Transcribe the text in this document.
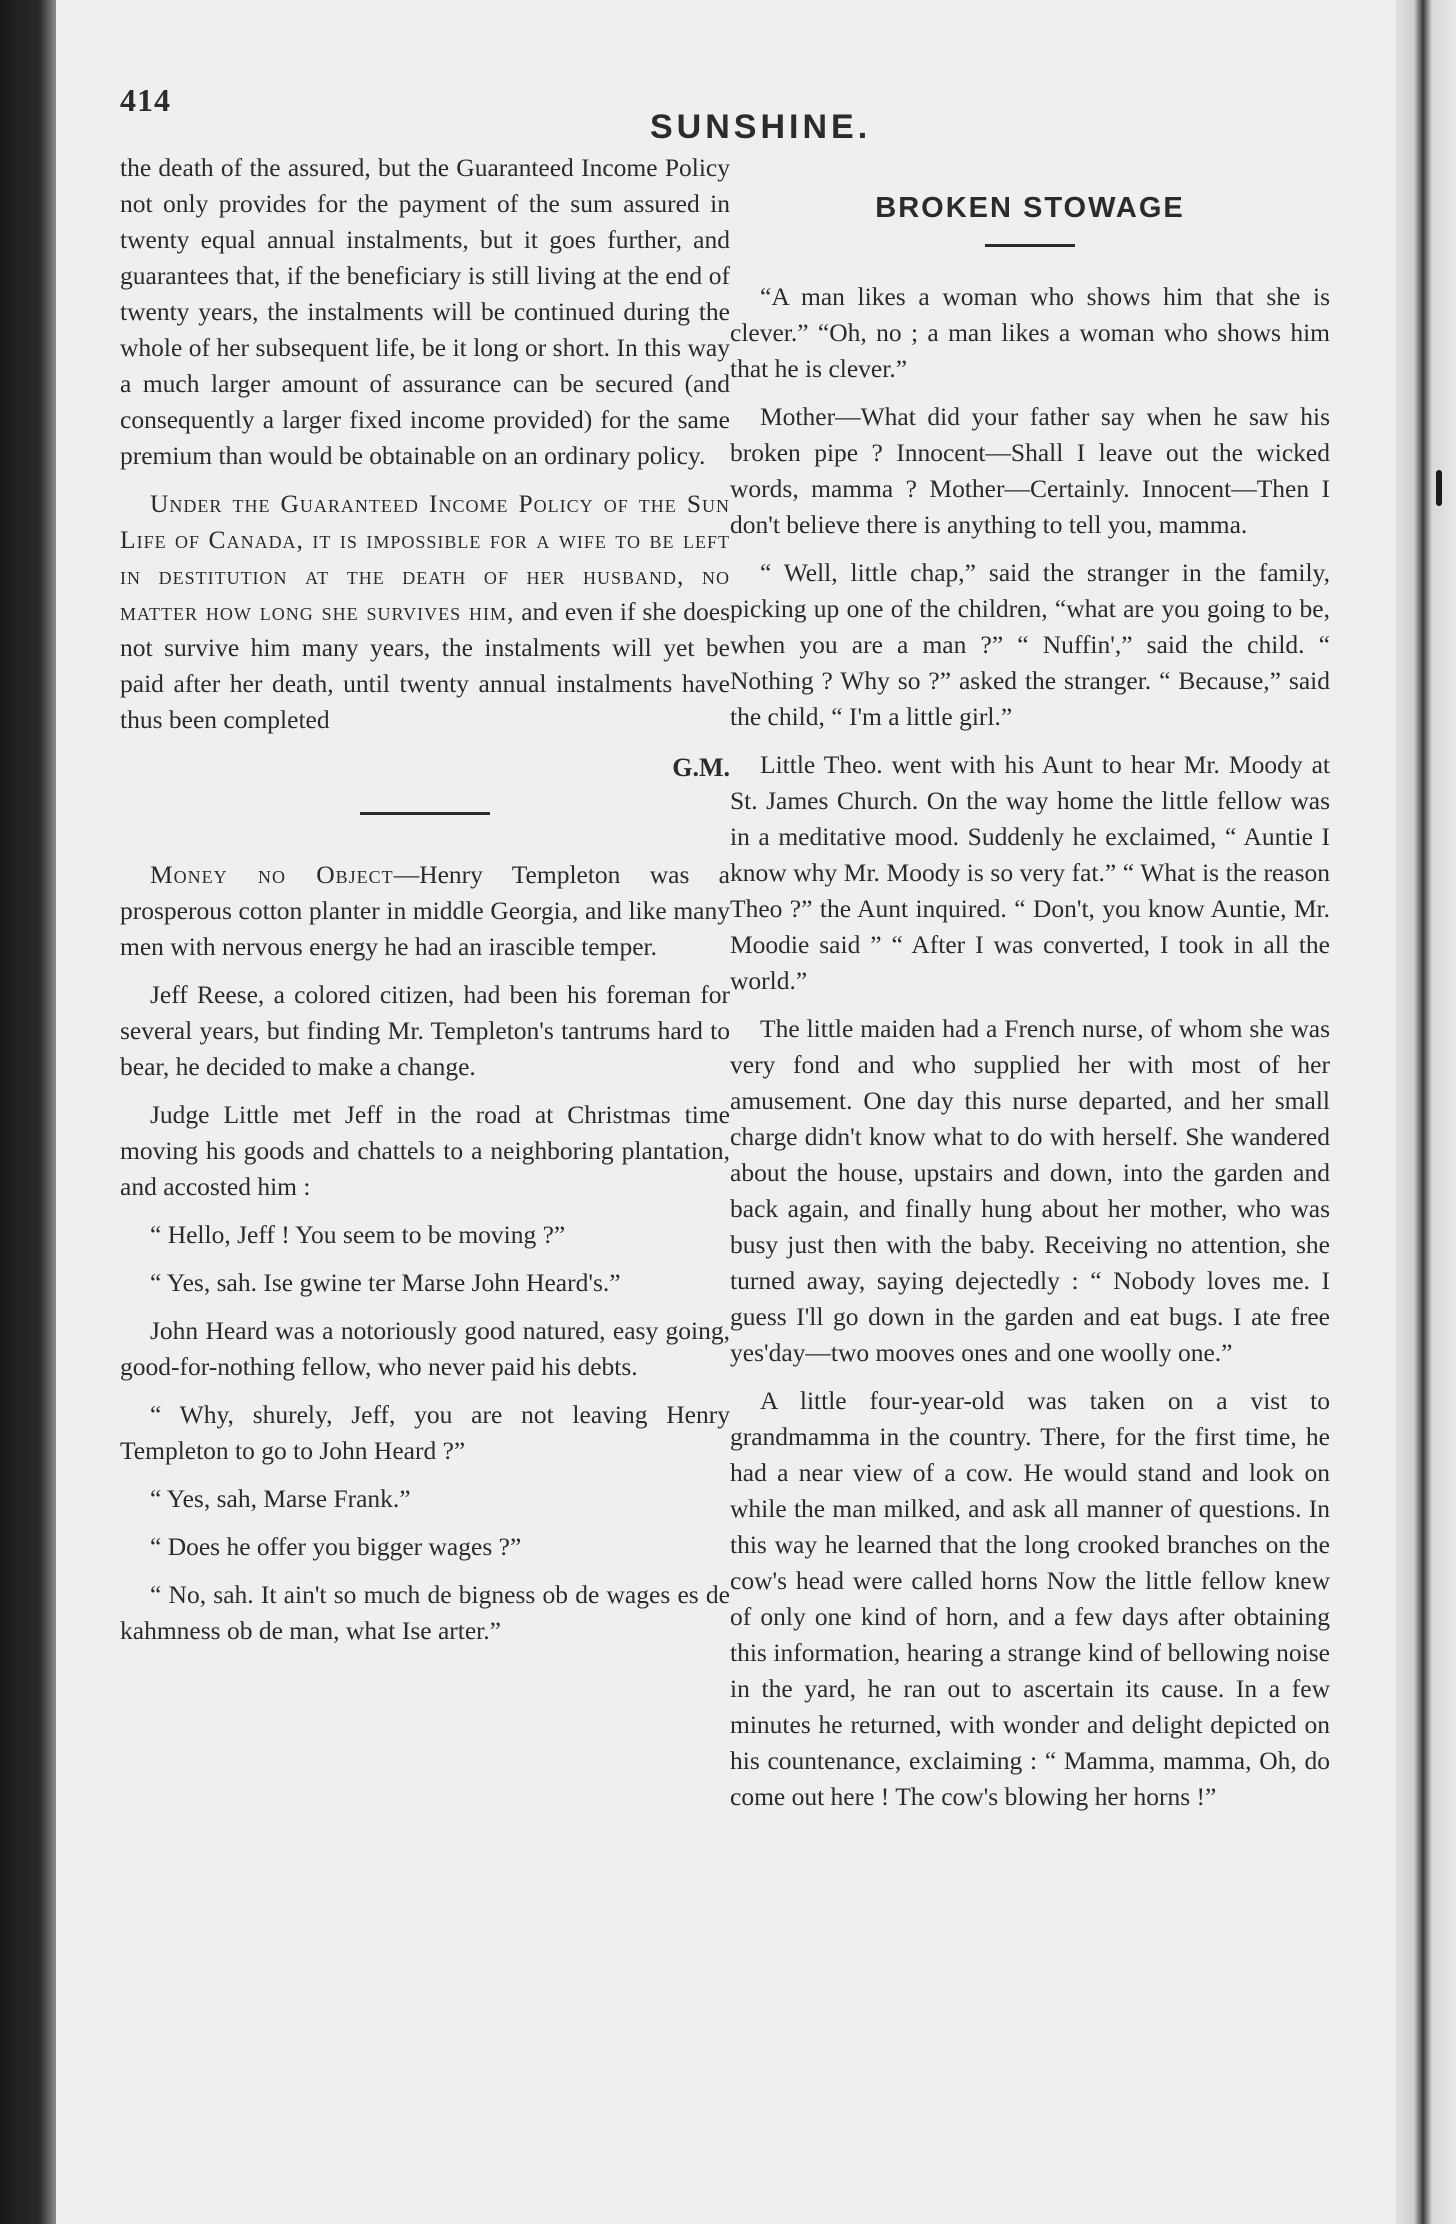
414
SUNSHINE.

the death of the assured, but the Guaranteed Income Policy not only provides for the payment of the sum assured in twenty equal annual instalments, but it goes further, and guarantees that, if the beneficiary is still living at the end of twenty years, the instalments will be continued during the whole of her subsequent life, be it long or short. In this way a much larger amount of assurance can be secured (and consequently a larger fixed income provided) for the same premium than would be obtainable on an ordinary policy.

Under the Guaranteed Income Policy of the Sun Life of Canada, it is impossible for a wife to be left in destitution at the death of her husband, no matter how long she survives him, and even if she does not survive him many years, the instalments will yet be paid after her death, until twenty annual instalments have thus been completed

G.M.

Money no Object—Henry Templeton was a prosperous cotton planter in middle Georgia, and like many men with nervous energy he had an irascible temper.

Jeff Reese, a colored citizen, had been his foreman for several years, but finding Mr. Templeton's tantrums hard to bear, he decided to make a change.

Judge Little met Jeff in the road at Christmas time moving his goods and chattels to a neighboring plantation, and accosted him :

“ Hello, Jeff ! You seem to be moving ?”

“ Yes, sah. Ise gwine ter Marse John Heard's.”

John Heard was a notoriously good natured, easy going, good-for-nothing fellow, who never paid his debts.

“ Why, shurely, Jeff, you are not leaving Henry Templeton to go to John Heard ?”

“ Yes, sah, Marse Frank.”

“ Does he offer you bigger wages ?”

“ No, sah. It ain't so much de bigness ob de wages es de kahmness ob de man, what Ise arter.”

BROKEN STOWAGE

“A man likes a woman who shows him that she is clever.” “Oh, no ; a man likes a woman who shows him that he is clever.”

Mother—What did your father say when he saw his broken pipe ? Innocent—Shall I leave out the wicked words, mamma ? Mother—Certainly. Innocent—Then I don't believe there is anything to tell you, mamma.

“ Well, little chap,” said the stranger in the family, picking up one of the children, “what are you going to be, when you are a man ?” “ Nuffin',” said the child. “ Nothing ? Why so ?” asked the stranger. “ Because,” said the child, “ I'm a little girl.”

Little Theo. went with his Aunt to hear Mr. Moody at St. James Church. On the way home the little fellow was in a meditative mood. Suddenly he exclaimed, “ Auntie I know why Mr. Moody is so very fat.” “ What is the reason Theo ?” the Aunt inquired. “ Don't, you know Auntie, Mr. Moodie said ” “ After I was converted, I took in all the world.”

The little maiden had a French nurse, of whom she was very fond and who supplied her with most of her amusement. One day this nurse departed, and her small charge didn't know what to do with herself. She wandered about the house, upstairs and down, into the garden and back again, and finally hung about her mother, who was busy just then with the baby. Receiving no attention, she turned away, saying dejectedly : “ Nobody loves me. I guess I'll go down in the garden and eat bugs. I ate free yes'day—two mooves ones and one woolly one.”

A little four-year-old was taken on a vist to grandmamma in the country. There, for the first time, he had a near view of a cow. He would stand and look on while the man milked, and ask all manner of questions. In this way he learned that the long crooked branches on the cow's head were called horns Now the little fellow knew of only one kind of horn, and a few days after obtaining this information, hearing a strange kind of bellowing noise in the yard, he ran out to ascertain its cause. In a few minutes he returned, with wonder and delight depicted on his countenance, exclaiming : “ Mamma, mamma, Oh, do come out here ! The cow's blowing her horns !”
